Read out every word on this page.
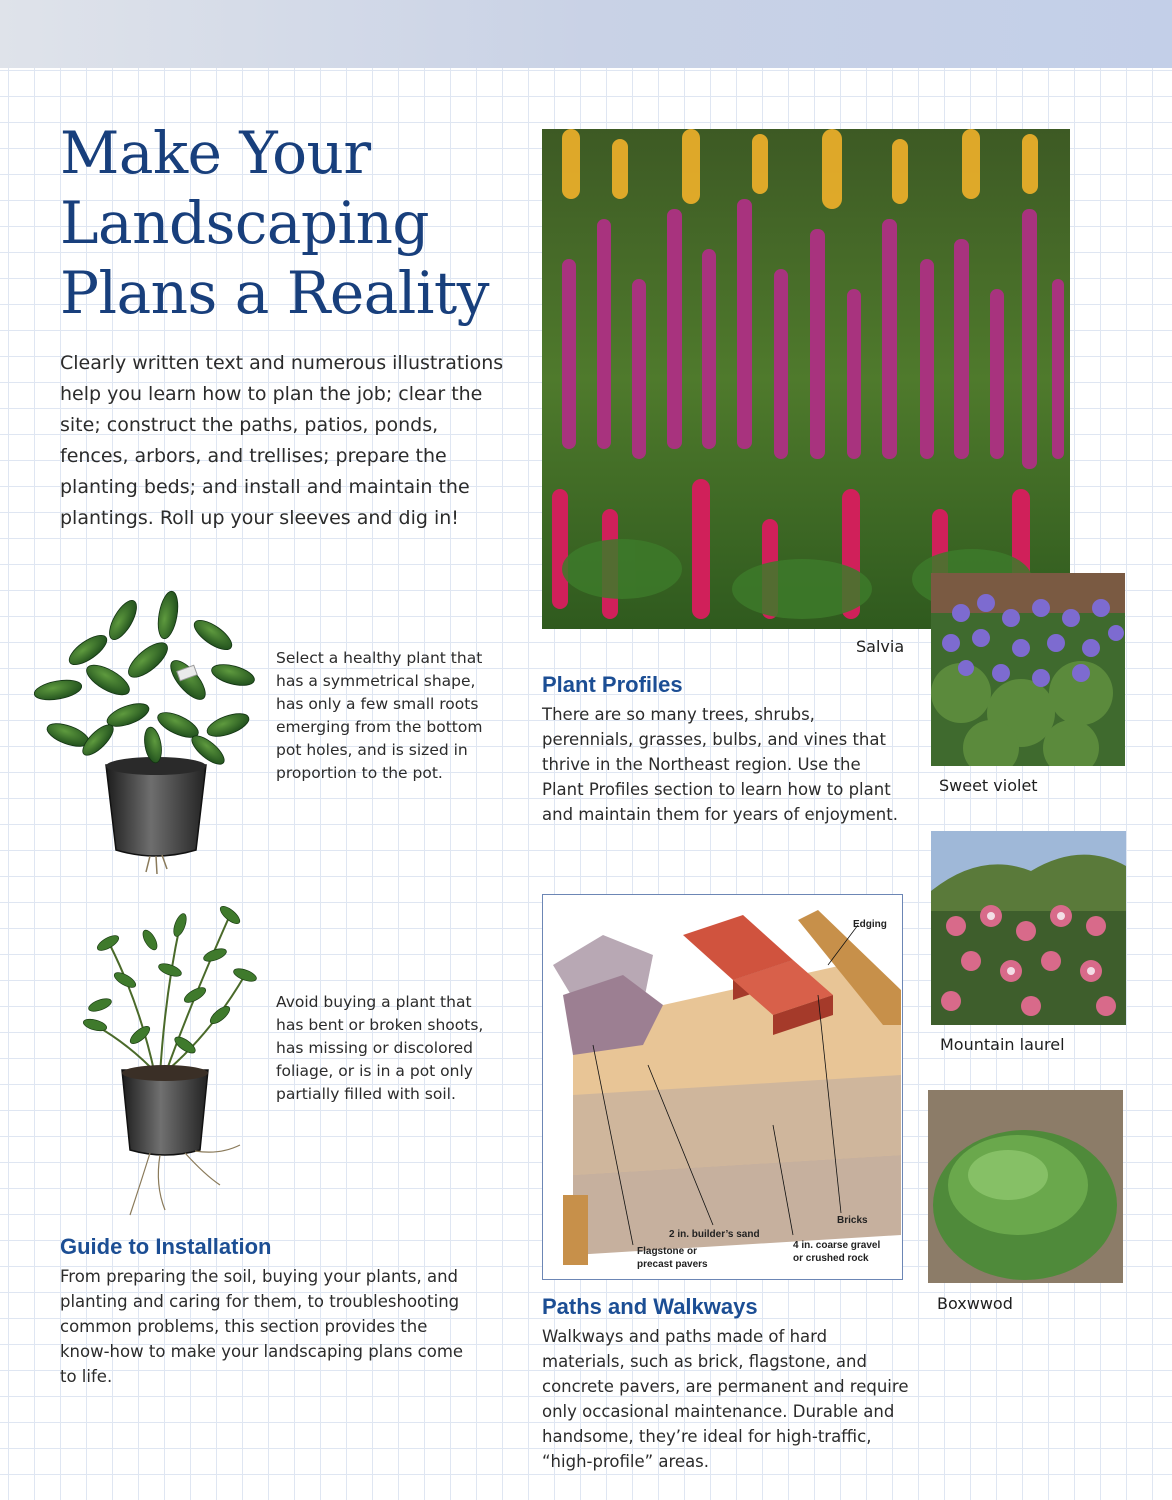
Make Your
Landscaping
Plans a Reality

Clearly written text and numerous illustrations help you learn how to plan the job; clear the site; construct the paths, patios, ponds, fences, arbors, and trellises; prepare the planting beds; and install and maintain the plantings. Roll up your sleeves and dig in!

Select a healthy plant that has a symmetrical shape, has only a few small roots emerging from the bottom pot holes, and is sized in proportion to the pot.

Avoid buying a plant that has bent or broken shoots, has missing or discolored foliage, or is in a pot only partially filled with soil.

Guide to Installation

From preparing the soil, buying your plants, and planting and caring for them, to troubleshooting common problems, this section provides the know-how to make your landscaping plans come to life.

Salvia
Plant Profiles

There are so many trees, shrubs, perennials, grasses, bulbs, and vines that thrive in the Northeast region. Use the Plant Profiles section to learn how to plant and maintain them for years of enjoyment.

Sweet violet
Mountain laurel
Boxwwod
Edging
Bricks
2 in. builder’s sand
Flagstone or
precast pavers
4 in. coarse gravel
or crushed rock
Paths and Walkways

Walkways and paths made of hard materials, such as brick, flagstone, and concrete pavers, are permanent and require only occasional maintenance. Durable and handsome, they’re ideal for high-traffic, “high-profile” areas.
